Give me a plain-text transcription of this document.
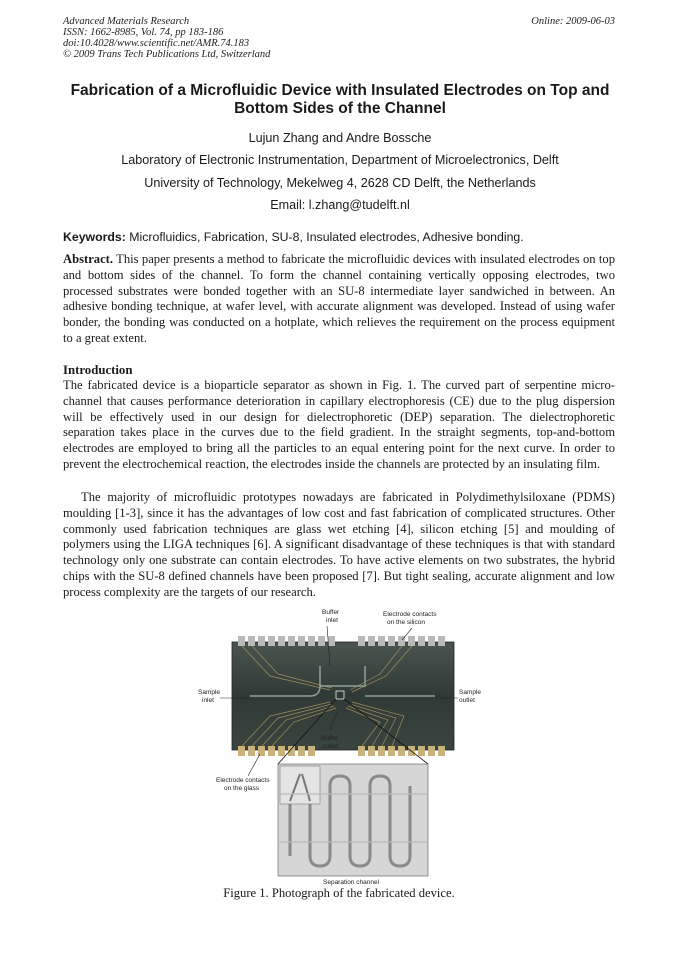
Advanced Materials Research
ISSN: 1662-8985, Vol. 74, pp 183-186
doi:10.4028/www.scientific.net/AMR.74.183
© 2009 Trans Tech Publications Ltd, Switzerland
Online: 2009-06-03
Fabrication of a Microfluidic Device with Insulated Electrodes on Top and Bottom Sides of the Channel
Lujun Zhang and Andre Bossche
Laboratory of Electronic Instrumentation, Department of Microelectronics, Delft
University of Technology, Mekelweg 4, 2628 CD Delft, the Netherlands
Email: l.zhang@tudelft.nl
Keywords: Microfluidics, Fabrication, SU-8, Insulated electrodes, Adhesive bonding.
Abstract. This paper presents a method to fabricate the microfluidic devices with insulated electrodes on top and bottom sides of the channel. To form the channel containing vertically opposing electrodes, two processed substrates were bonded together with an SU-8 intermediate layer sandwiched in between. An adhesive bonding technique, at wafer level, with accurate alignment was developed. Instead of using wafer bonder, the bonding was conducted on a hotplate, which relieves the requirement on the process equipment to a great extent.
Introduction
The fabricated device is a bioparticle separator as shown in Fig. 1. The curved part of serpentine micro-channel that causes performance deterioration in capillary electrophoresis (CE) due to the plug dispersion will be effectively used in our design for dielectrophoretic (DEP) separation. The dielectrophoretic separation takes place in the curves due to the field gradient. In the straight segments, top-and-bottom electrodes are employed to bring all the particles to an equal entering point for the next curve. In order to prevent the electrochemical reaction, the electrodes inside the channels are protected by an insulating film.
The majority of microfluidic prototypes nowadays are fabricated in Polydimethylsiloxane (PDMS) moulding [1-3], since it has the advantages of low cost and fast fabrication of complicated structures. Other commonly used fabrication techniques are glass wet etching [4], silicon etching [5] and moulding of polymers using the LIGA techniques [6]. A significant disadvantage of these techniques is that with standard technology only one substrate can contain electrodes. To have active elements on two substrates, the hybrid chips with the SU-8 defined channels have been proposed [7]. But tight sealing, accurate alignment and low process complexity are the targets of our research.
Buffer
inlet
Electrode contacts
on the silicon
Sample
inlet
Sample
outlet
Buffer
outlet
Electrode contacts
on the glass
Separation channel
Figure 1. Photograph of the fabricated device.
